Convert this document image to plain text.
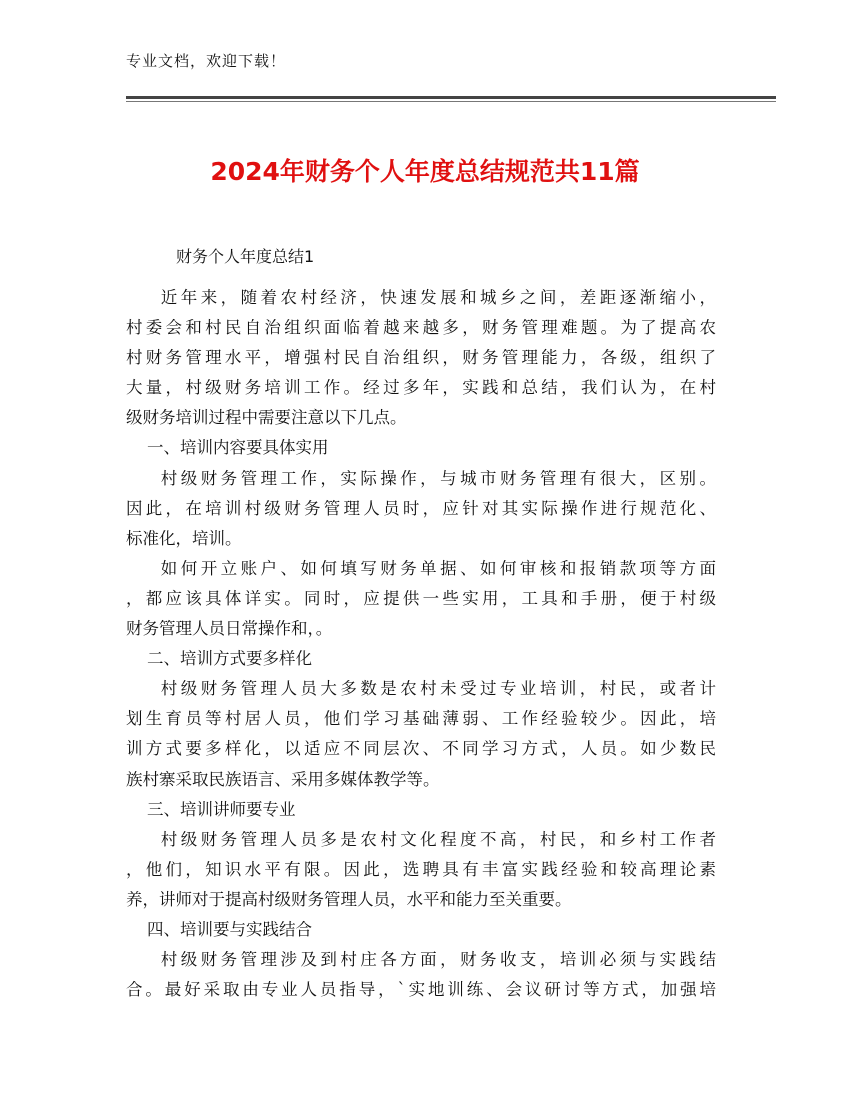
专业文档，欢迎下载！
2024年财务个人年度总结规范共11篇
财务个人年度总结1
近年来，随着农村经济，快速发展和城乡之间，差距逐渐缩小，
村委会和村民自治组织面临着越来越多，财务管理难题。为了提高农
村财务管理水平，增强村民自治组织，财务管理能力，各级，组织了
大量，村级财务培训工作。经过多年，实践和总结，我们认为，在村
级财务培训过程中需要注意以下几点。
一、培训内容要具体实用
村级财务管理工作，实际操作，与城市财务管理有很大，区别。
因此，在培训村级财务管理人员时，应针对其实际操作进行规范化、
标准化，培训。
如何开立账户、如何填写财务单据、如何审核和报销款项等方面
，都应该具体详实。同时，应提供一些实用，工具和手册，便于村级
财务管理人员日常操作和，。
二、培训方式要多样化
村级财务管理人员大多数是农村未受过专业培训，村民，或者计
划生育员等村居人员，他们学习基础薄弱、工作经验较少。因此，培
训方式要多样化，以适应不同层次、不同学习方式，人员。如少数民
族村寨采取民族语言、采用多媒体教学等。
三、培训讲师要专业
村级财务管理人员多是农村文化程度不高，村民，和乡村工作者
，他们，知识水平有限。因此，选聘具有丰富实践经验和较高理论素
养，讲师对于提高村级财务管理人员，水平和能力至关重要。
四、培训要与实践结合
村级财务管理涉及到村庄各方面，财务收支，培训必须与实践结
合。最好采取由专业人员指导，`实地训练、会议研讨等方式，加强培
